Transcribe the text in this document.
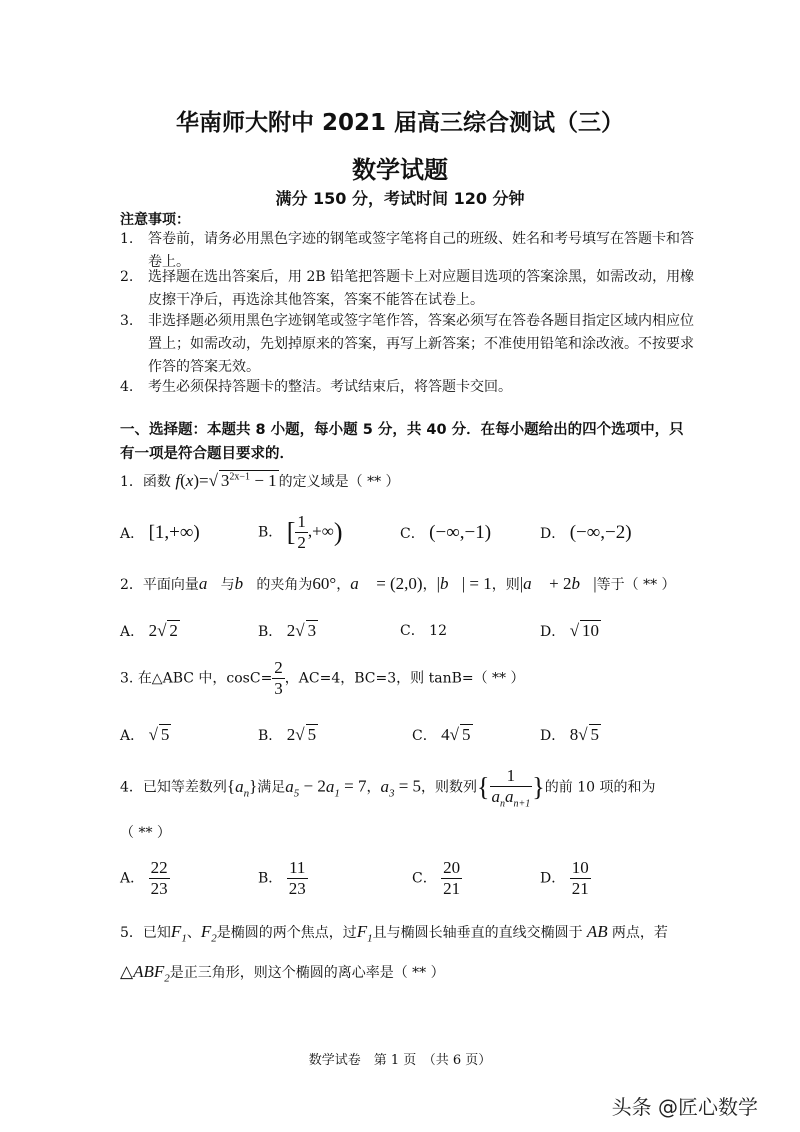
华南师大附中 2021 届高三综合测试（三）
数学试题
满分 150 分，考试时间 120 分钟
注意事项：
1. 答卷前，请务必用黑色字迹的钢笔或签字笔将自己的班级、姓名和考号填写在答题卡和答卷上。
2. 选择题在选出答案后，用 2B 铅笔把答题卡上对应题目选项的答案涂黑，如需改动，用橡皮擦干净后，再选涂其他答案，答案不能答在试卷上。
3. 非选择题必须用黑色字迹钢笔或签字笔作答，答案必须写在答卷各题目指定区域内相应位置上；如需改动，先划掉原来的答案，再写上新答案；不准使用铅笔和涂改液。不按要求作答的答案无效。
4. 考生必须保持答题卡的整洁。考试结束后，将答题卡交回。
一、选择题：本题共 8 小题，每小题 5 分，共 40 分．在每小题给出的四个选项中，只有一项是符合题目要求的．
1．函数 f(x)=√ $3^{2x-1} - 1$ 的定义域是（ ** ）
A． [1,+∞)	B． [ $\frac{1}{2}$ ,+∞)	C． (−∞,−1)	D． (−∞,−2)
2．平面向量a⃗与b⃗的夹角为60°，a⃗ = (2,0)，|b⃗| = 1，则|a⃗ + 2b⃗|等于（ ** ）
A． 2√ 2	B． 2√ 3	C． 12	D． √ 10
3. 在△ABC 中，$\cos C= \frac{2}{3}$ ，AC=4，BC=3，则 tanB=（ ** ）
A． √ 5	B． 2√ 5	C． 4√ 5	D． 8√ 5
4．已知等差数列$\{a_n\}$满足$a_5 - 2a_1 = 7$，$a_3 = 5$，则数列{ $\frac{1}{a_na_{n+1}}$ }的前 10 项的和为
（ ** ）
A． $\frac{22}{23}$	B． $\frac{11}{23}$	C． $\frac{20}{21}$	D． $\frac{10}{21}$
5．已知$F_1$、$F_2$是椭圆的两个焦点，过$F_1$且与椭圆长轴垂直的直线交椭圆于 AB 两点，若
$\triangle ABF_2$是正三角形，则这个椭圆的离心率是（ ** ）
数学试卷　第 1 页　（共 6 页）
头条 @匠心数学
